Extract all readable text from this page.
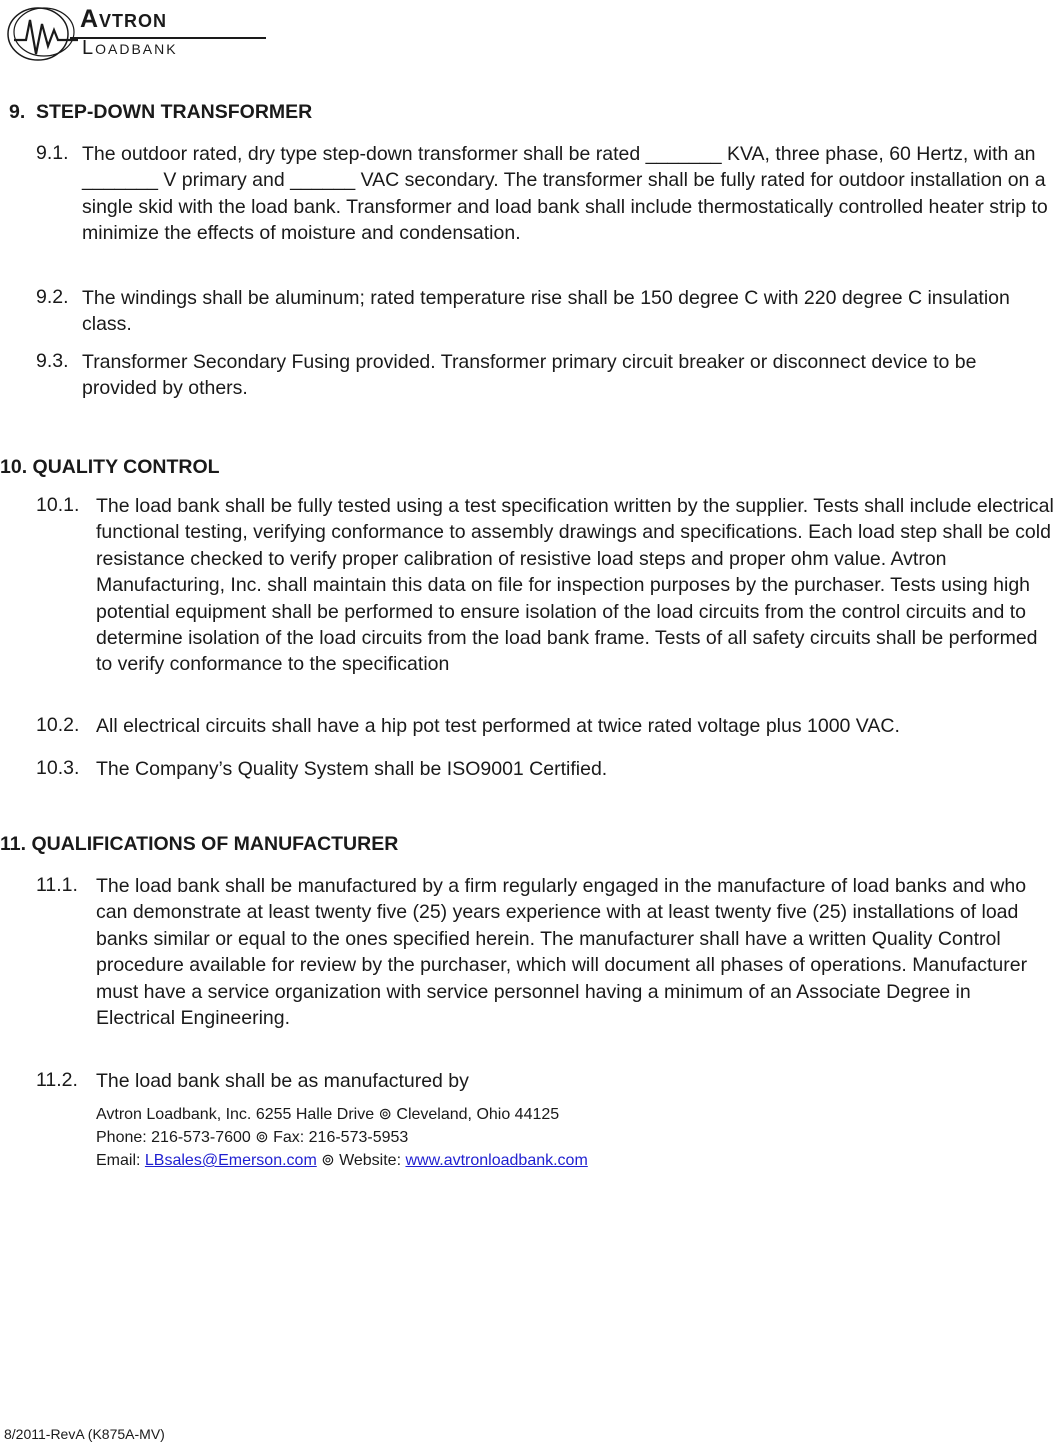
Avtron
Loadbank
9. STEP-DOWN TRANSFORMER
9.1. The outdoor rated, dry type step-down transformer shall be rated _______ KVA, three phase, 60 Hertz, with an _______ V primary and ______ VAC secondary. The transformer shall be fully rated for outdoor installation on a single skid with the load bank. Transformer and load bank shall include thermostatically controlled heater strip to minimize the effects of moisture and condensation.

9.2. The windings shall be aluminum; rated temperature rise shall be 150 degree C with 220 degree C insulation class.

9.3. Transformer Secondary Fusing provided. Transformer primary circuit breaker or disconnect device to be provided by others.

10. QUALITY CONTROL
10.1. The load bank shall be fully tested using a test specification written by the supplier. Tests shall include electrical functional testing, verifying conformance to assembly drawings and specifications. Each load step shall be cold resistance checked to verify proper calibration of resistive load steps and proper ohm value. Avtron Manufacturing, Inc. shall maintain this data on file for inspection purposes by the purchaser. Tests using high potential equipment shall be performed to ensure isolation of the load circuits from the control circuits and to determine isolation of the load circuits from the load bank frame. Tests of all safety circuits shall be performed to verify conformance to the specification

10.2. All electrical circuits shall have a hip pot test performed at twice rated voltage plus 1000 VAC.

10.3. The Company’s Quality System shall be ISO9001 Certified.

11. QUALIFICATIONS OF MANUFACTURER
11.1. The load bank shall be manufactured by a firm regularly engaged in the manufacture of load banks and who can demonstrate at least twenty five (25) years experience with at least twenty five (25) installations of load banks similar or equal to the ones specified herein. The manufacturer shall have a written Quality Control procedure available for review by the purchaser, which will document all phases of operations. Manufacturer must have a service organization with service personnel having a minimum of an Associate Degree in Electrical Engineering.

11.2. The load bank shall be as manufactured by

Avtron Loadbank, Inc. 6255 Halle Drive ⊚ Cleveland, Ohio 44125
Phone: 216-573-7600 ⊚ Fax: 216-573-5953
Email: LBsales@Emerson.com ⊚ Website: www.avtronloadbank.com
8/2011-RevA (K875A-MV)
